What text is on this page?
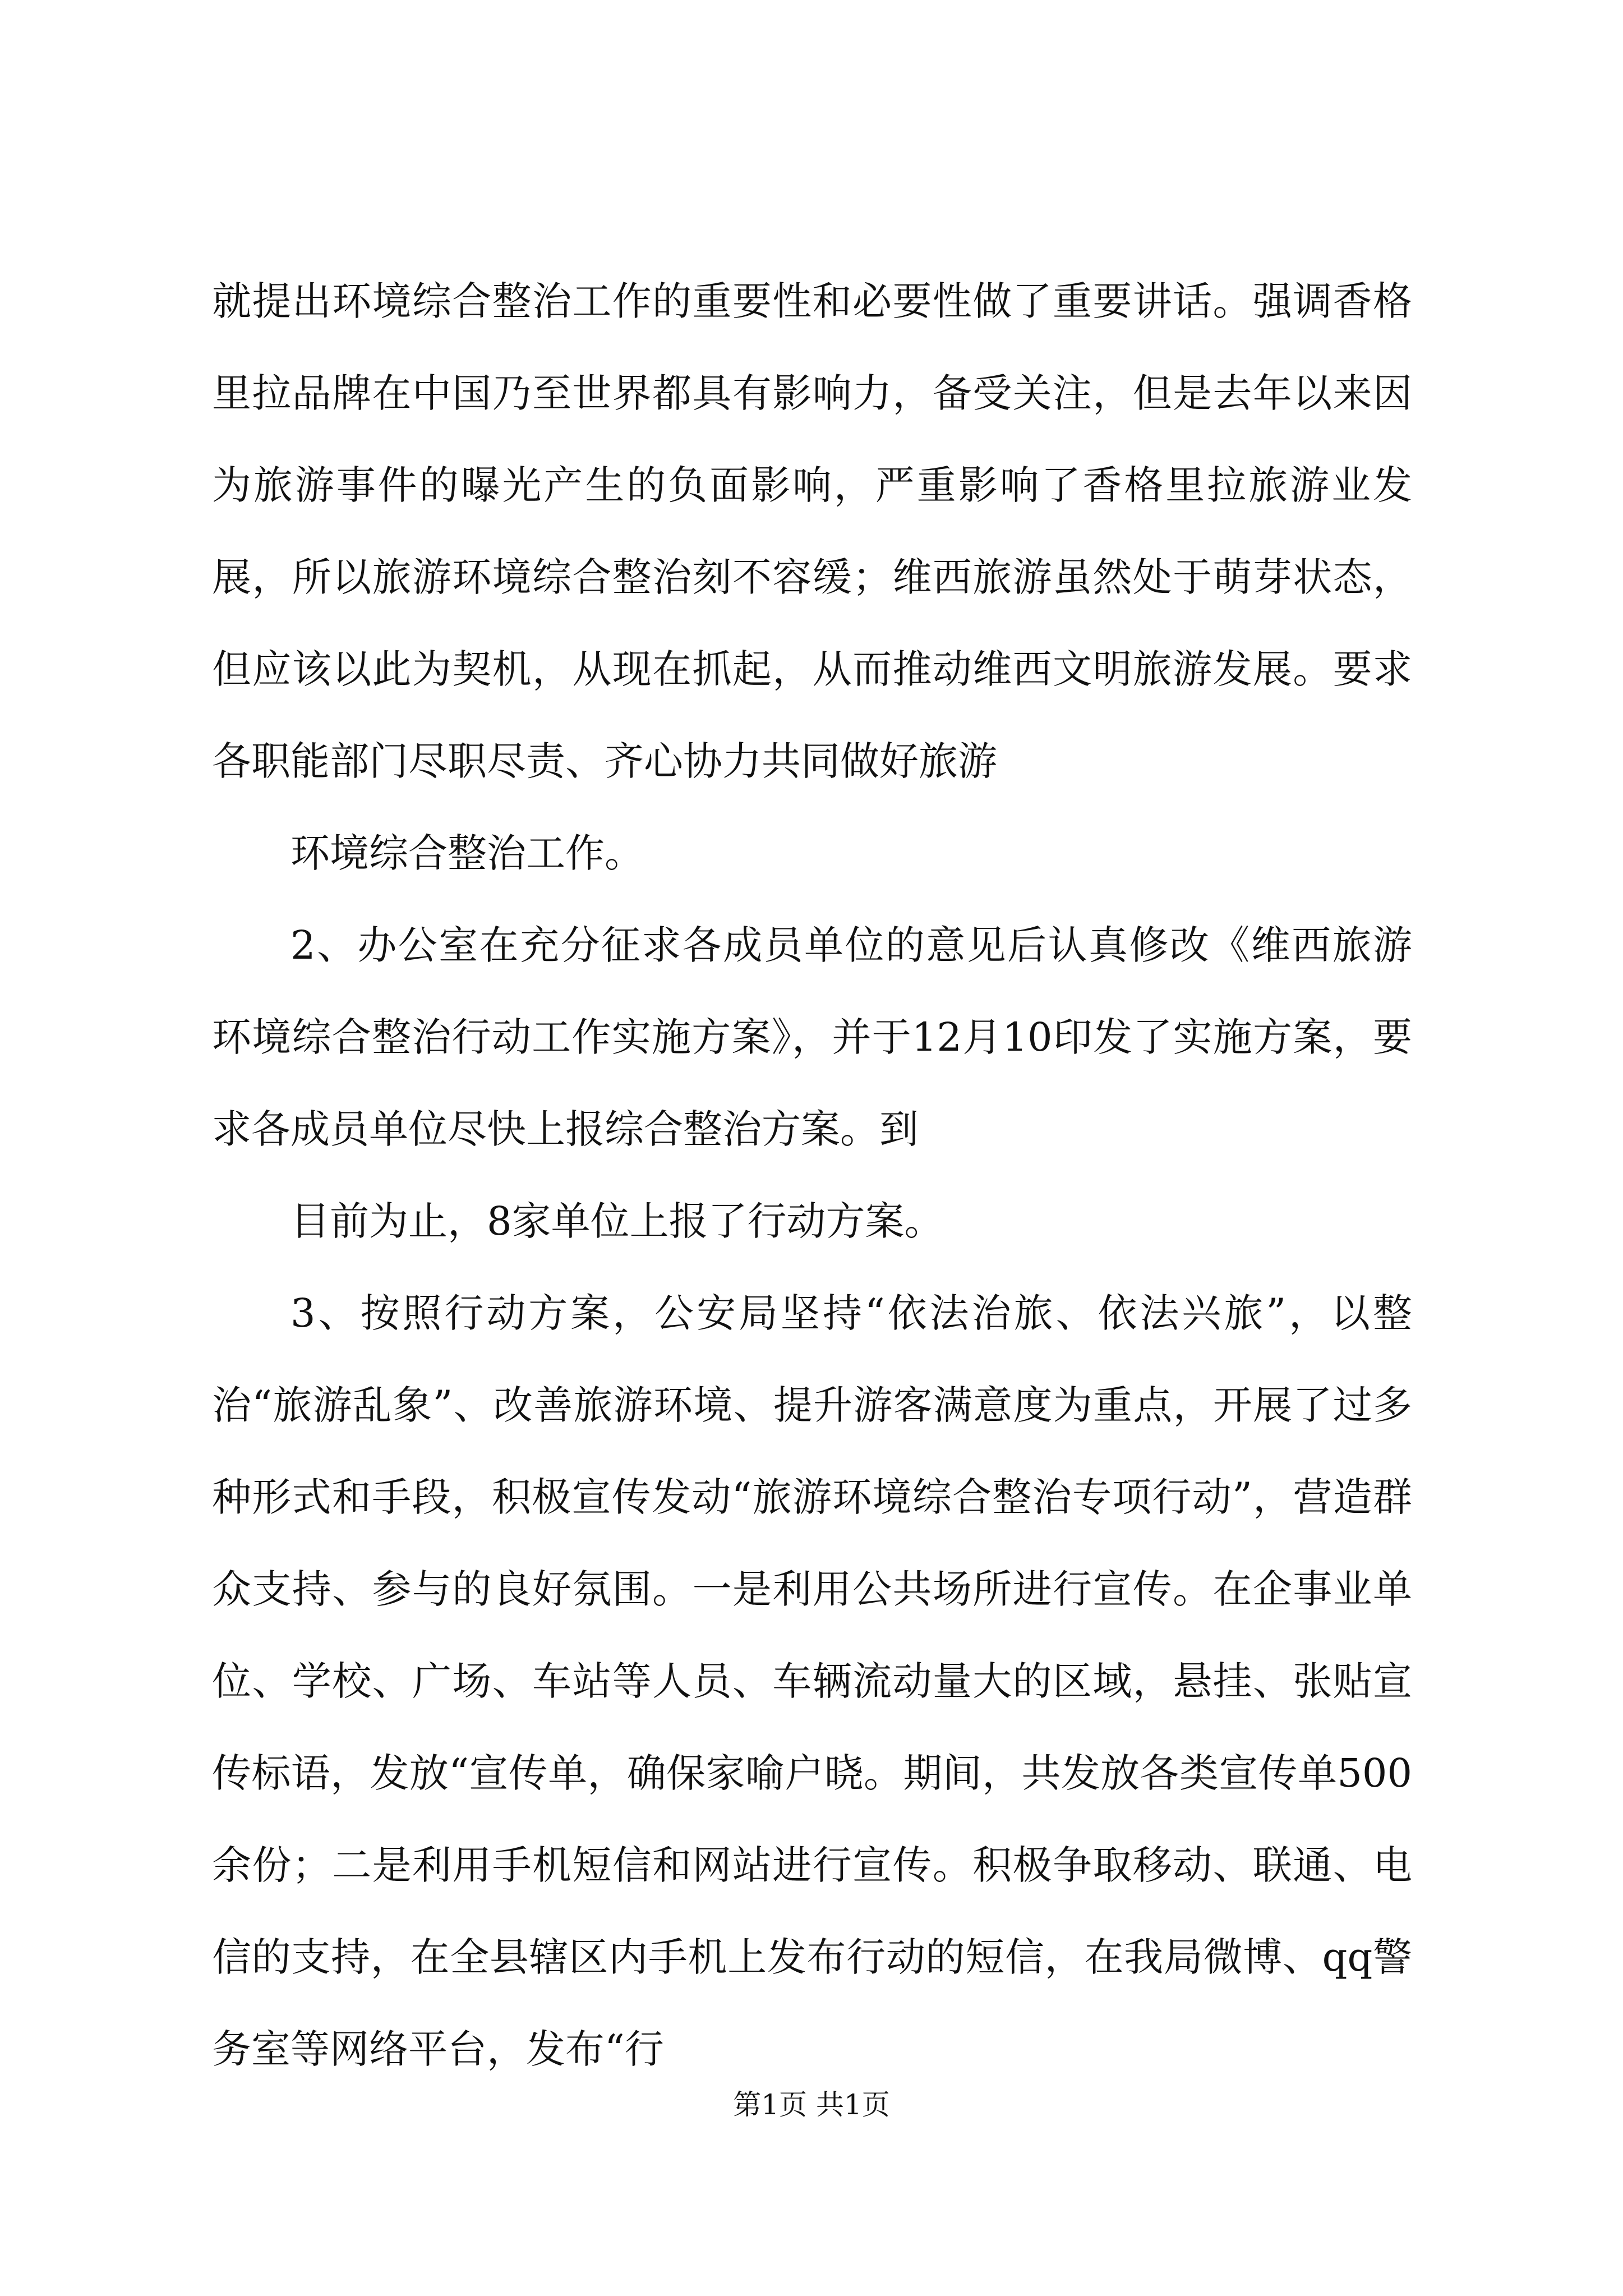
就提出环境综合整治工作的重要性和必要性做了重要讲话。强调香格里拉品牌在中国乃至世界都具有影响力，备受关注，但是去年以来因为旅游事件的曝光产生的负面影响，严重影响了香格里拉旅游业发展，所以旅游环境综合整治刻不容缓；维西旅游虽然处于萌芽状态，但应该以此为契机，从现在抓起，从而推动维西文明旅游发展。要求各职能部门尽职尽责、齐心协力共同做好旅游

环境综合整治工作。

2、办公室在充分征求各成员单位的意见后认真修改《维西旅游环境综合整治行动工作实施方案》，并于12月10印发了实施方案，要求各成员单位尽快上报综合整治方案。到

目前为止，8家单位上报了行动方案。

3、按照行动方案，公安局坚持“依法治旅、依法兴旅”，以整治“旅游乱象”、改善旅游环境、提升游客满意度为重点，开展了过多种形式和手段，积极宣传发动“旅游环境综合整治专项行动”，营造群众支持、参与的良好氛围。一是利用公共场所进行宣传。在企事业单位、学校、广场、车站等人员、车辆流动量大的区域，悬挂、张贴宣传标语，发放“宣传单，确保家喻户晓。期间，共发放各类宣传单500余份；二是利用手机短信和网站进行宣传。积极争取移动、联通、电信的支持，在全县辖区内手机上发布行动的短信，在我局微博、qq警务室等网络平台，发布“行

第1页 共1页
